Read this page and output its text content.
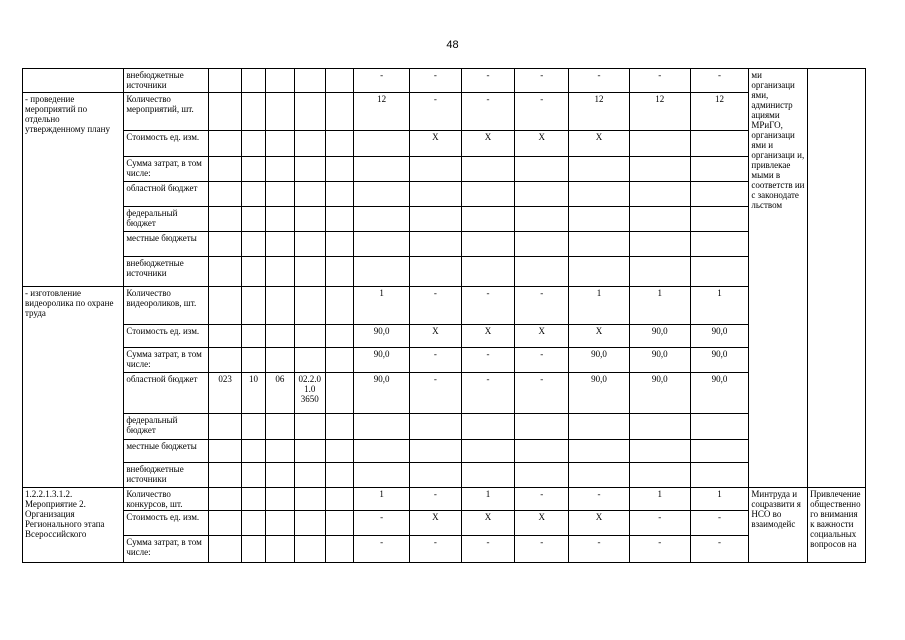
48
	внебюджетные источники						-	-	-	-	-	-	-	ми организаци ями, администр ациями МРиГО, организаци ями и организаци и, привлекае мыми в соответств ии с законодате льством	
- проведение мероприятий по отдельно утвержденному плану	Количество мероприятий, шт.						12	-	-	-	12	12	12		
	Стоимость ед. изм.							Х	Х	Х	Х				
	Сумма затрат, в том числе:														
	областной бюджет														
	федеральный бюджет														
	местные бюджеты														
	внебюджетные источники														
- изготовление видеоролика по охране труда	Количество видеороликов, шт.						1	-	-	-	1	1	1		
	Стоимость ед. изм.						90,0	Х	Х	Х	Х	90,0	90,0		
	Сумма затрат, в том числе:						90,0	-	-	-	90,0	90,0	90,0		
	областной бюджет	023	10	06	02.2.01.0 3650		90,0	-	-	-	90,0	90,0	90,0		
	федеральный бюджет														
	местные бюджеты														
	внебюджетные источники														
1.2.2.1.3.1.2. Мероприятие 2. Организация Регионального этапа Всероссийского	Количество конкурсов, шт.						1	-	1	-	-	1	1	Минтруда и соцразвити я НСО во взаимодейс	Привлечение общественного внимания к важности социальных вопросов на
	Стоимость ед. изм.						-	Х	Х	Х	Х	-	-		
	Сумма затрат, в том числе:						-	-	-	-	-	-	-		
